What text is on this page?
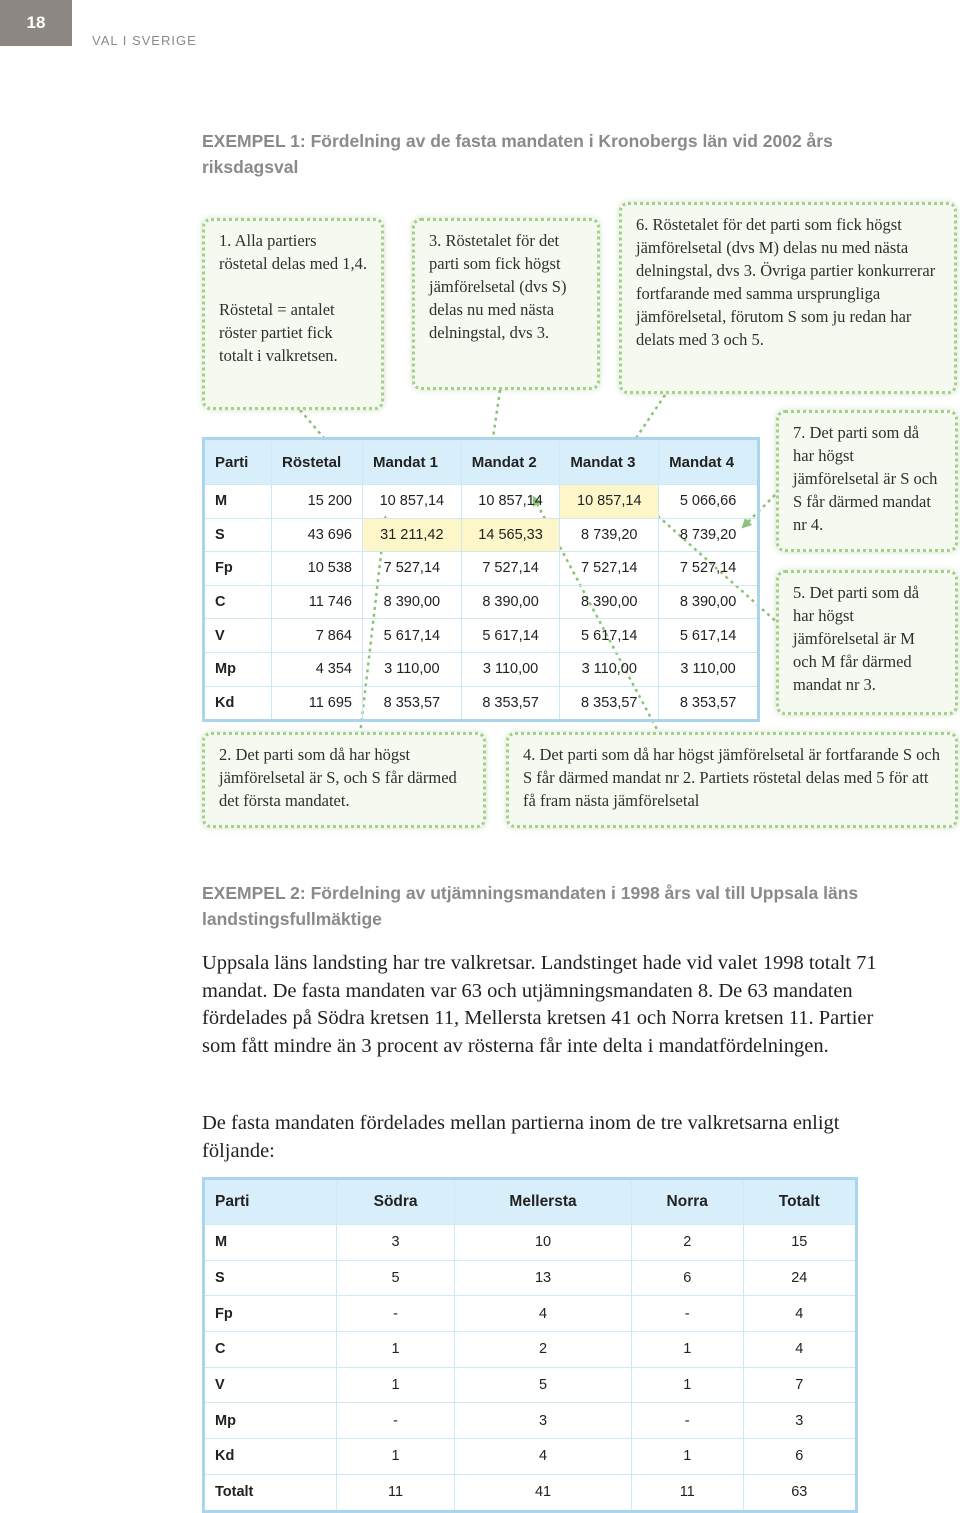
18
VAL I SVERIGE
EXEMPEL 1: Fördelning av de fasta mandaten i Kronobergs län vid 2002 års riksdagsval

1. Alla partiers röstetal delas med 1,4.

Röstetal = antalet röster partiet fick totalt i valkretsen.

3. Röstetalet för det parti som fick högst jämförelsetal (dvs S) delas nu med nästa delningstal, dvs 3.

6. Röstetalet för det parti som fick högst jämförelsetal (dvs M) delas nu med nästa delningstal, dvs 3. Övriga partier konkurrerar fortfarande med samma ursprungliga jämförelsetal, förutom S som ju redan har delats med 3 och 5.

7. Det parti som då har högst jämförelsetal är S och S får därmed mandat nr 4.

5. Det parti som då har högst jämförelsetal är M och M får därmed mandat nr 3.

2. Det parti som då har högst jämförelsetal är S, och S får därmed det första mandatet.

4. Det parti som då har högst jämförelsetal är fortfarande S och S får därmed mandat nr 2. Partiets röstetal delas med 5 för att få fram nästa jämförelsetal

Parti	Röstetal	Mandat 1	Mandat 2	Mandat 3	Mandat 4
M	15 200	10 857,14	10 857,14	10 857,14	5 066,66
S	43 696	31 211,42	14 565,33	8 739,20	8 739,20
Fp	10 538	7 527,14	7 527,14	7 527,14	7 527,14
C	11 746	8 390,00	8 390,00	8 390,00	8 390,00
V	7 864	5 617,14	5 617,14	5 617,14	5 617,14
Mp	4 354	3 110,00	3 110,00	3 110,00	3 110,00
Kd	11 695	8 353,57	8 353,57	8 353,57	8 353,57
EXEMPEL 2: Fördelning av utjämningsmandaten i 1998 års val till Uppsala läns landstingsfullmäktige

Uppsala läns landsting har tre valkretsar. Landstinget hade vid valet 1998 totalt 71 mandat. De fasta mandaten var 63 och utjämningsmandaten 8. De 63 mandaten fördelades på Södra kretsen 11, Mellersta kretsen 41 och Norra kretsen 11. Partier som fått mindre än 3 procent av rösterna får inte delta i mandatfördelningen.

De fasta mandaten fördelades mellan partierna inom de tre valkretsarna enligt följande:

Parti	Södra	Mellersta	Norra	Totalt
M	3	10	2	15
S	5	13	6	24
Fp	-	4	-	4
C	1	2	1	4
V	1	5	1	7
Mp	-	3	-	3
Kd	1	4	1	6
Totalt	11	41	11	63
